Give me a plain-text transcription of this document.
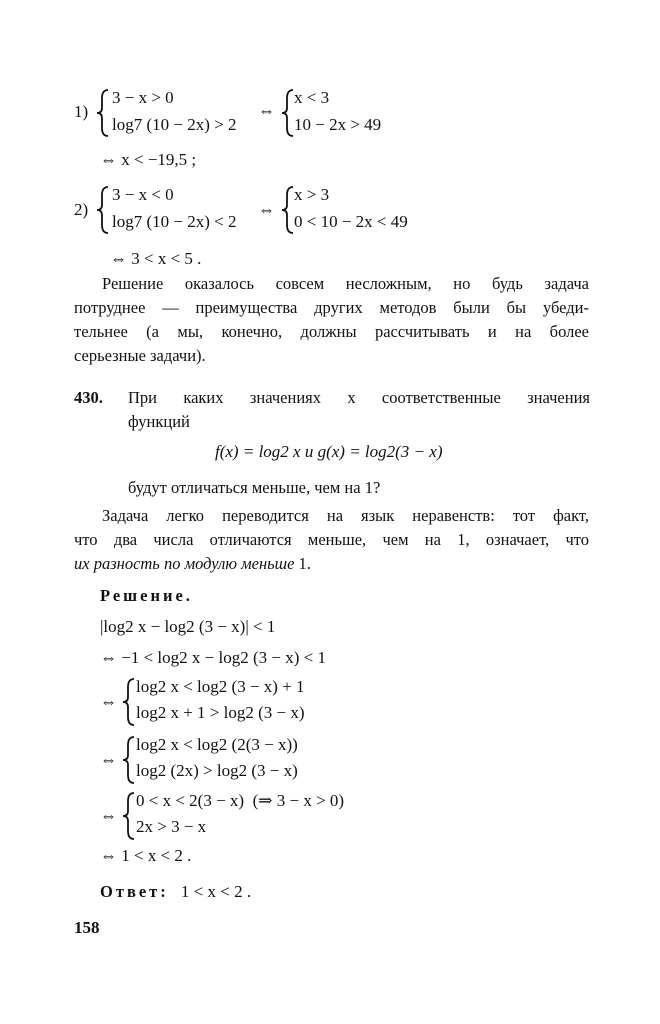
1)
3 − x > 0
log7 (10 − 2x) > 2
⇔
x < 3
10 − 2x > 49
⇔ x < −19,5 ;
2)
3 − x < 0
log7 (10 − 2x) < 2
⇔
x > 3
0 < 10 − 2x < 49
⇔ 3 < x < 5 .
Решение оказалось совсем несложным, но будь задача
потруднее — преимущества других методов были бы убеди-
тельнее (а мы, конечно, должны рассчитывать и на более
серьезные задачи).
430. При каких значениях x соответственные значения
функций
f(x) = log2 x и g(x) = log2(3 − x)
будут отличаться меньше, чем на 1?
Задача легко переводится на язык неравенств: тот факт,
что два числа отличаются меньше, чем на 1, означает, что
их разность по модулю меньше 1.
Решение.
|log2 x − log2 (3 − x)| < 1
⇔ −1 < log2 x − log2 (3 − x) < 1
⇔
log2 x < log2 (3 − x) + 1
log2 x + 1 > log2 (3 − x)
⇔
log2 x < log2 (2(3 − x))
log2 (2x) > log2 (3 − x)
⇔
0 < x < 2(3 − x)  (⇒ 3 − x > 0)
2x > 3 − x
⇔ 1 < x < 2 .
Ответ: 1 < x < 2 .
158
